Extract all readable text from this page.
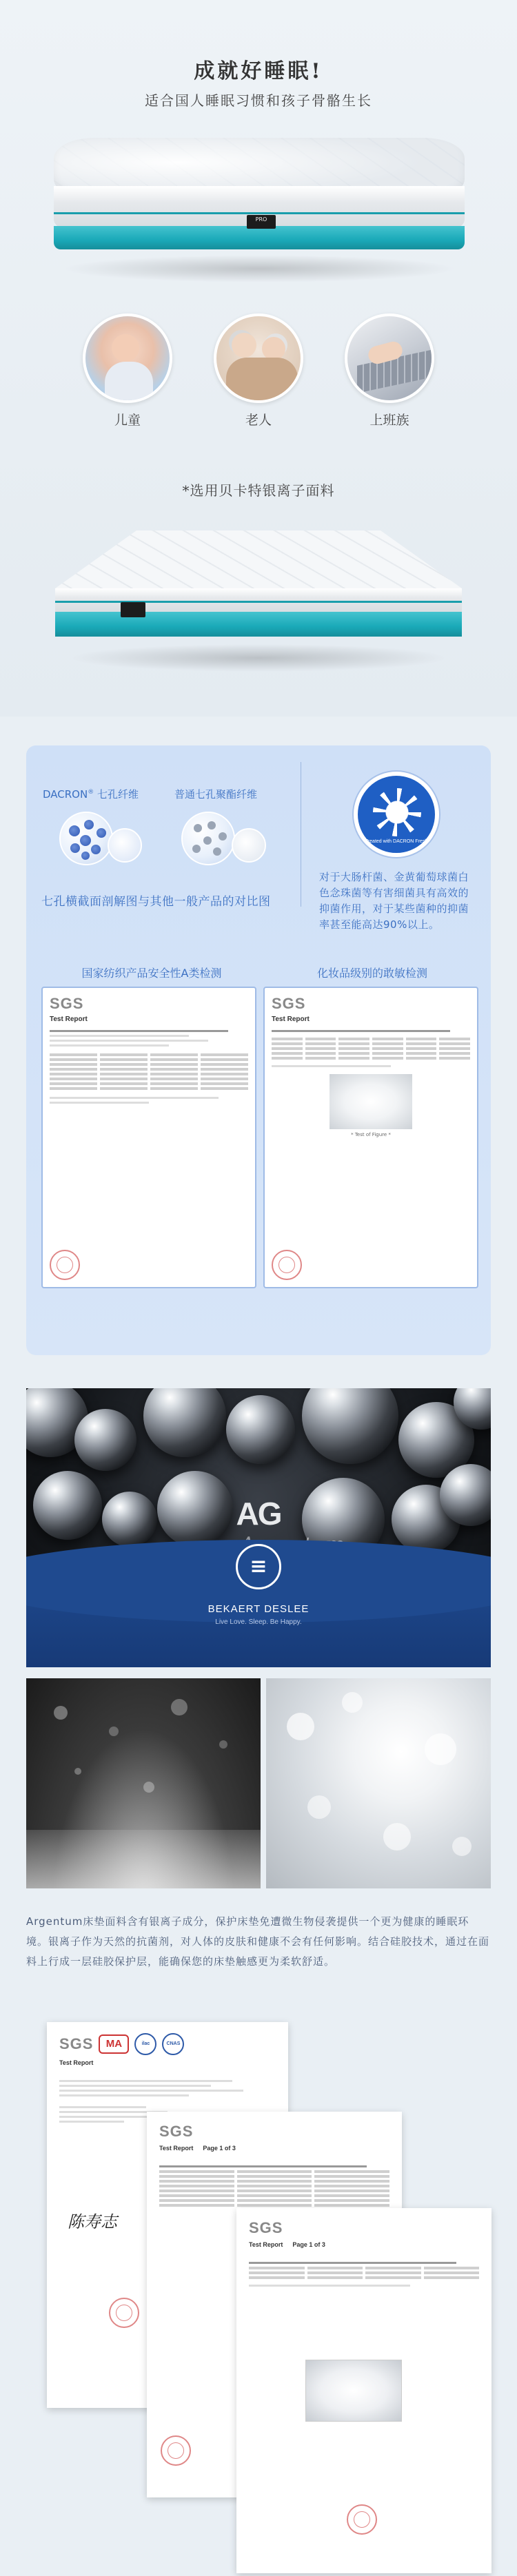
成就好睡眠!

适合国人睡眠习惯和孩子骨骼生长

PRO
儿童	老人	上班族

*选用贝卡特银离子面料

DACRON® 七孔纤维	普通七孔聚酯纤维

七孔横截面剖解图与其他一般产品的对比图

Treated with DACRON Fresh

对于大肠杆菌、金黄葡萄球菌白色念珠菌等有害细菌具有高效的抑菌作用，对于某些菌种的抑菌率甚至能高达90%以上。

国家纺织产品安全性A类检测	化妆品级别的敢敏检测
SGS
Test Report
SGS
Test Report
* Test of Figure *
AG
≡
BEKAERT DESLEE
Live Love. Sleep. Be Happy.

Argentum床垫面料含有银离子成分，保护床垫免遭微生物侵袭提供一个更为健康的睡眠环境。银离子作为天然的抗菌剂，对人体的皮肤和健康不会有任何影响。结合硅胶技术，通过在面料上行成一层硅胶保护层，能确保您的床垫触感更为柔软舒适。

SGS	MA	ilac	CNAS
Test Report
陈寿志
SGS
Test Report Page 1 of 3
SGS
Test Report Page 1 of 3
